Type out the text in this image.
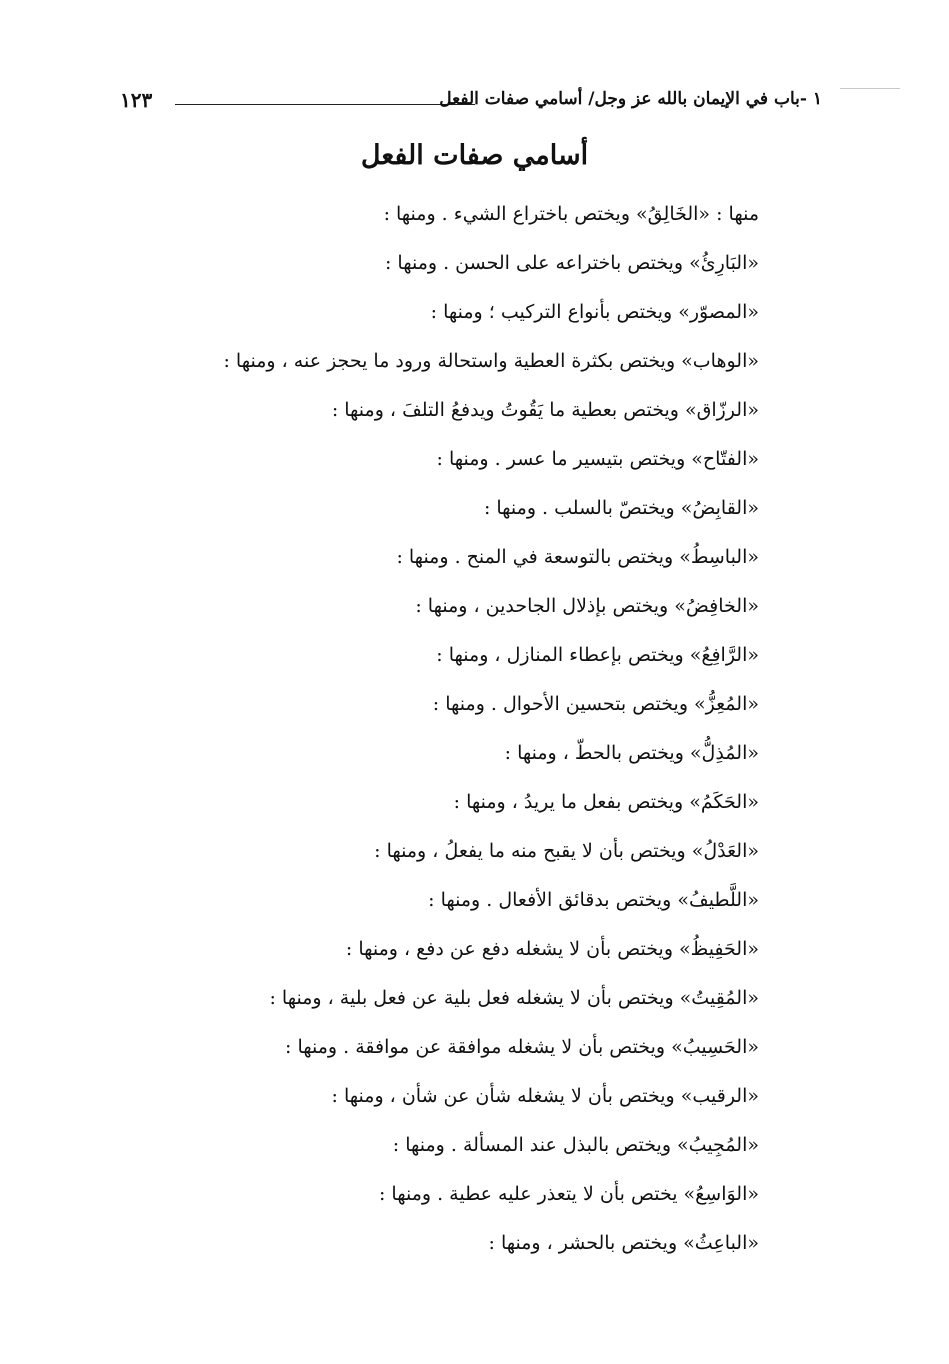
١٢٣	١ -باب في الإيمان بالله عز وجل/ أسامي صفات الفعل
أسامي صفات الفعل
منها : «الخَالِقُ» ويختص باختراع الشيء . ومنها :
«البَارِئُ» ويختص باختراعه على الحسن . ومنها :
«المصوّر» ويختص بأنواع التركيب ؛ ومنها :
«الوهاب» ويختص بكثرة العطية واستحالة ورود ما يحجز عنه ، ومنها :
«الرزّاق» ويختص بعطية ما يَقُوتُ ويدفعُ التلفَ ، ومنها :
«الفتّاح» ويختص بتيسير ما عسر . ومنها :
«القابِضُ» ويختصّ بالسلب . ومنها :
«الباسِطُ» ويختص بالتوسعة في المنح . ومنها :
«الخافِضُ» ويختص بإذلال الجاحدين ، ومنها :
«الرَّافِعُ» ويختص بإعطاء المنازل ، ومنها :
«المُعِزُّ» ويختص بتحسين الأحوال . ومنها :
«المُذِلُّ» ويختص بالحطّ ، ومنها :
«الحَكَمُ» ويختص بفعل ما يريدُ ، ومنها :
«العَدْلُ» ويختص بأن لا يقبح منه ما يفعلُ ، ومنها :
«اللَّطيفُ» ويختص بدقائق الأفعال . ومنها :
«الحَفِيظُ» ويختص بأن لا يشغله دفع عن دفع ، ومنها :
«المُقِيتُ» ويختص بأن لا يشغله فعل بلية عن فعل بلية ، ومنها :
«الحَسِيبُ» ويختص بأن لا يشغله موافقة عن موافقة . ومنها :
«الرقيب» ويختص بأن لا يشغله شأن عن شأن ، ومنها :
«المُجِيبُ» ويختص بالبذل عند المسألة . ومنها :
«الوَاسِعُ» يختص بأن لا يتعذر عليه عطية . ومنها :
«الباعِثُ» ويختص بالحشر ، ومنها :
